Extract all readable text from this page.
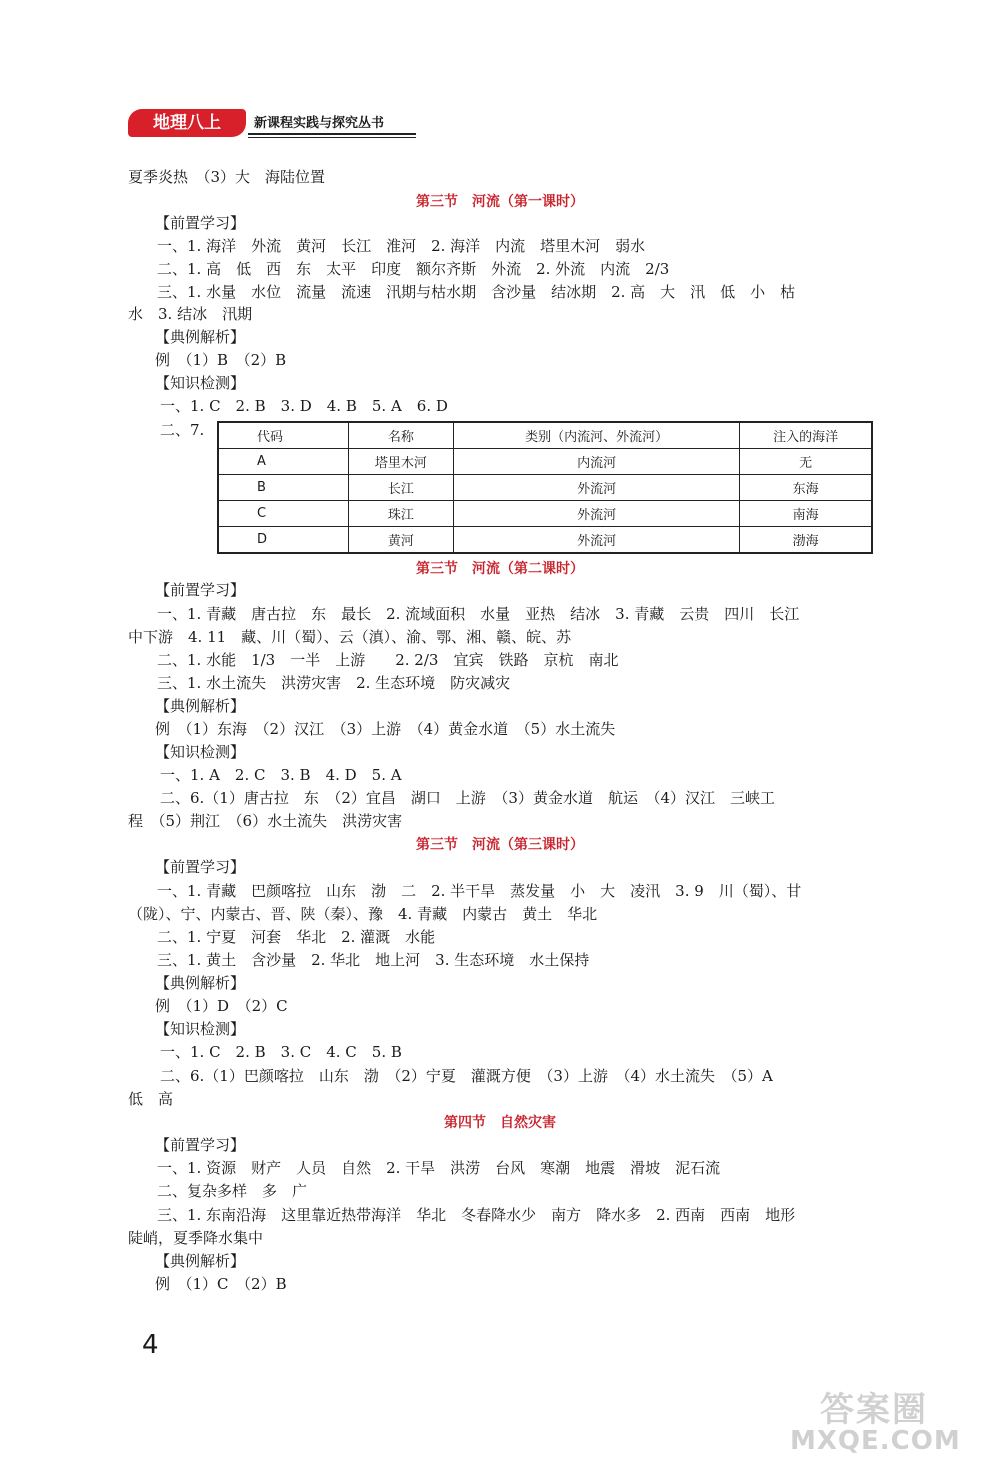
地理八上	新课程实践与探究丛书
夏季炎热　（3）大　海陆位置
第三节　河流（第一课时）
【前置学习】
　一、1. 海洋　外流　黄河　长江　淮河　2. 海洋　内流　塔里木河　弱水
　二、1. 高　低　西　东　太平　印度　额尔齐斯　外流　2. 外流　内流　2/3
　三、1. 水量　水位　流量　流速　汛期与枯水期　含沙量　结冰期　2. 高　大　汛　低　小　枯
水　3. 结冰　汛期
【典例解析】
例　（1）B　（2）B
【知识检测】
一、1. C　2. B　3. D　4. B　5. A　6. D
二、7.	代码	名称	类别（内流河、外流河）	注入的海洋
A	塔里木河	内流河	无
B	长江	外流河	东海
C	珠江	外流河	南海
D	黄河	外流河	渤海
第三节　河流（第二课时）
【前置学习】
　一、1. 青藏　唐古拉　东　最长　2. 流域面积　水量　亚热　结冰　3. 青藏　云贵　四川　长江
中下游　4. 11　藏、川（蜀）、云（滇）、渝、鄂、湘、赣、皖、苏
　二、1. 水能　1/3　一半　上游　　2. 2/3　宜宾　铁路　京杭　南北
　三、1. 水土流失　洪涝灾害　2. 生态环境　防灾减灾
【典例解析】
例　（1）东海　（2）汉江　（3）上游　（4）黄金水道　（5）水土流失
【知识检测】
一、1. A　2. C　3. B　4. D　5. A
二、6.（1）唐古拉　东　（2）宜昌　湖口　上游　（3）黄金水道　航运　（4）汉江　三峡工
程　（5）荆江　（6）水土流失　洪涝灾害
第三节　河流（第三课时）
【前置学习】
　一、1. 青藏　巴颜喀拉　山东　渤　二　2. 半干旱　蒸发量　小　大　凌汛　3. 9　川（蜀）、甘
（陇）、宁、内蒙古、晋、陕（秦）、豫　4. 青藏　内蒙古　黄土　华北
　二、1. 宁夏　河套　华北　2. 灌溉　水能
　三、1. 黄土　含沙量　2. 华北　地上河　3. 生态环境　水土保持
【典例解析】
例　（1）D　（2）C
【知识检测】
一、1. C　2. B　3. C　4. C　5. B
二、6.（1）巴颜喀拉　山东　渤　（2）宁夏　灌溉方便　（3）上游　（4）水土流失　（5）A
低　高
第四节　自然灾害
【前置学习】
　一、1. 资源　财产　人员　自然　2. 干旱　洪涝　台风　寒潮　地震　滑坡　泥石流
　二、复杂多样　多　广
　三、1. 东南沿海　这里靠近热带海洋　华北　冬春降水少　南方　降水多　2. 西南　西南　地形
陡峭，夏季降水集中
【典例解析】
例　（1）C　（2）B
4
答案圈
MXQE.COM
